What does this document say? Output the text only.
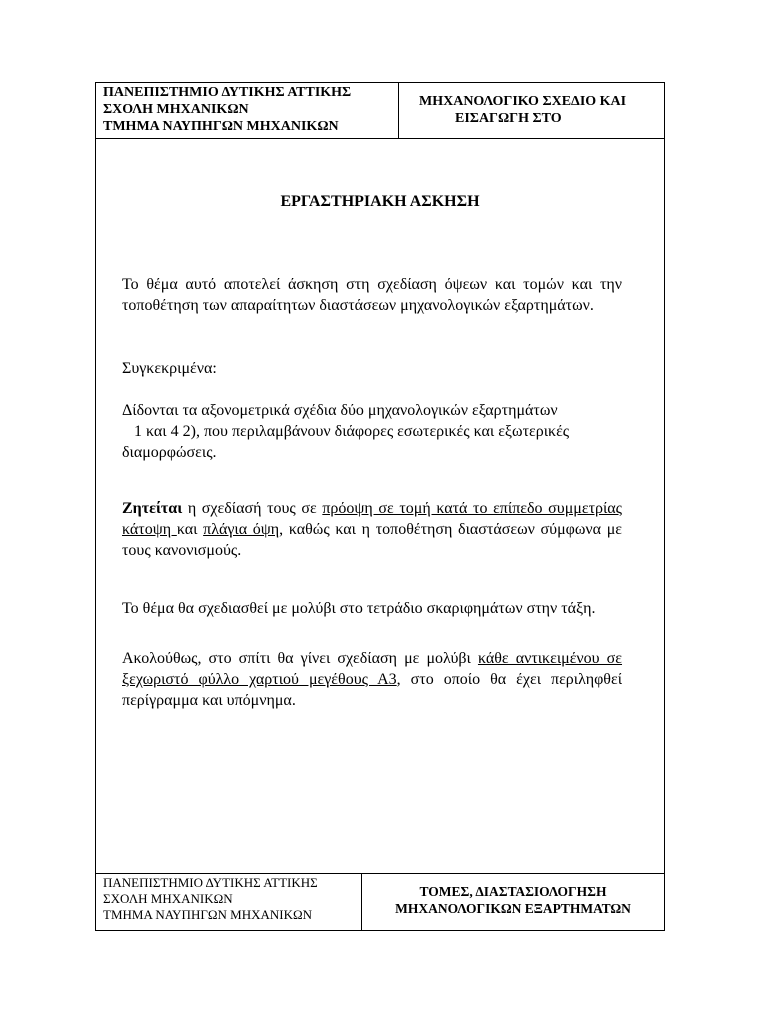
ΠΑΝΕΠΙΣΤΗΜΙΟ ΔΥΤΙΚΗΣ ΑΤΤΙΚΗΣ
ΣΧΟΛΗ ΜΗΧΑΝΙΚΩΝ
ΤΜΗΜΑ ΝΑΥΠΗΓΩΝ ΜΗΧΑΝΙΚΩΝ
ΜΗΧΑΝΟΛΟΓΙΚΟ ΣΧΕΔΙΟ ΚΑΙ
ΕΙΣΑΓΩΓΗ ΣΤΟ
ΕΡΓΑΣΤΗΡΙΑΚΗ ΑΣΚΗΣΗ

Το θέμα αυτό αποτελεί άσκηση στη σχεδίαση όψεων και τομών και την τοποθέτηση των απαραίτητων διαστάσεων μηχανολογικών εξαρτημάτων.

Συγκεκριμένα:

Δίδονται τα αξονομετρικά σχέδια δύο μηχανολογικών εξαρτημάτων
1 και 4 2), που περιλαμβάνουν διάφορες εσωτερικές και εξωτερικές
διαμορφώσεις.

Ζητείται η σχεδίασή τους σε πρόοψη σε τομή κατά το επίπεδο συμμετρίας κάτοψη και πλάγια όψη, καθώς και η τοποθέτηση διαστάσεων σύμφωνα με τους κανονισμούς.

Το θέμα θα σχεδιασθεί με μολύβι στο τετράδιο σκαριφημάτων στην τάξη.

Ακολούθως, στο σπίτι θα γίνει σχεδίαση με μολύβι κάθε αντικειμένου σε ξεχωριστό φύλλο χαρτιού μεγέθους Α3, στο οποίο θα έχει περιληφθεί περίγραμμα και υπόμνημα.

ΠΑΝΕΠΙΣΤΗΜΙΟ ΔΥΤΙΚΗΣ ΑΤΤΙΚΗΣ
ΣΧΟΛΗ ΜΗΧΑΝΙΚΩΝ
ΤΜΗΜΑ ΝΑΥΠΗΓΩΝ ΜΗΧΑΝΙΚΩΝ
ΤΟΜΕΣ, ΔΙΑΣΤΑΣΙΟΛΟΓΗΣΗ
ΜΗΧΑΝΟΛΟΓΙΚΩΝ ΕΞΑΡΤΗΜΑΤΩΝ
